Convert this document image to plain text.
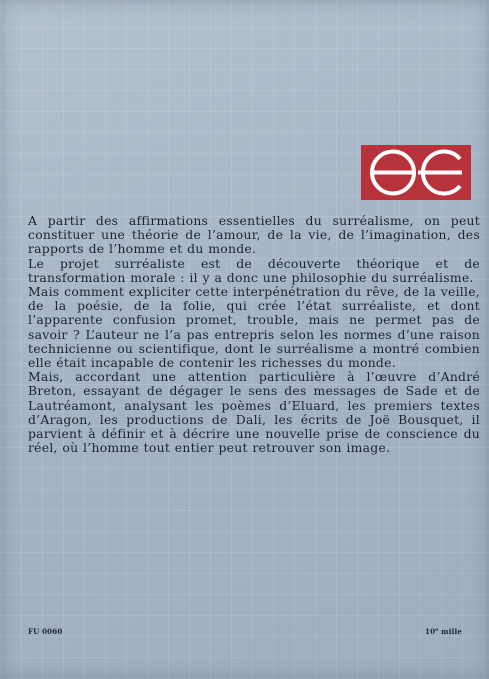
A partir des affirmations essentielles du surréalisme, on peut constituer une théorie de l’amour, de la vie, de l’imagination, des rapports de l’homme et du monde.

Le projet surréaliste est de découverte théorique et de transformation morale : il y a donc une philosophie du surréalisme.

Mais comment expliciter cette interpénétration du rêve, de la veille, de la poésie, de la folie, qui crée l’état surréaliste, et dont l’apparente confusion promet, trouble, mais ne permet pas de savoir ? L’auteur ne l’a pas entrepris selon les normes d’une raison technicienne ou scientifique, dont le surréalisme a montré combien elle était incapable de contenir les richesses du monde.

Mais, accordant une attention particulière à l’œuvre d’André Breton, essayant de dégager le sens des messages de Sade et de Lautréamont, analysant les poèmes d’Eluard, les premiers textes d’Aragon, les productions de Dali, les écrits de Joë Bousquet, il parvient à définir et à décrire une nouvelle prise de conscience du réel, où l’homme tout entier peut retrouver son image.

FU 0060	10e mille
